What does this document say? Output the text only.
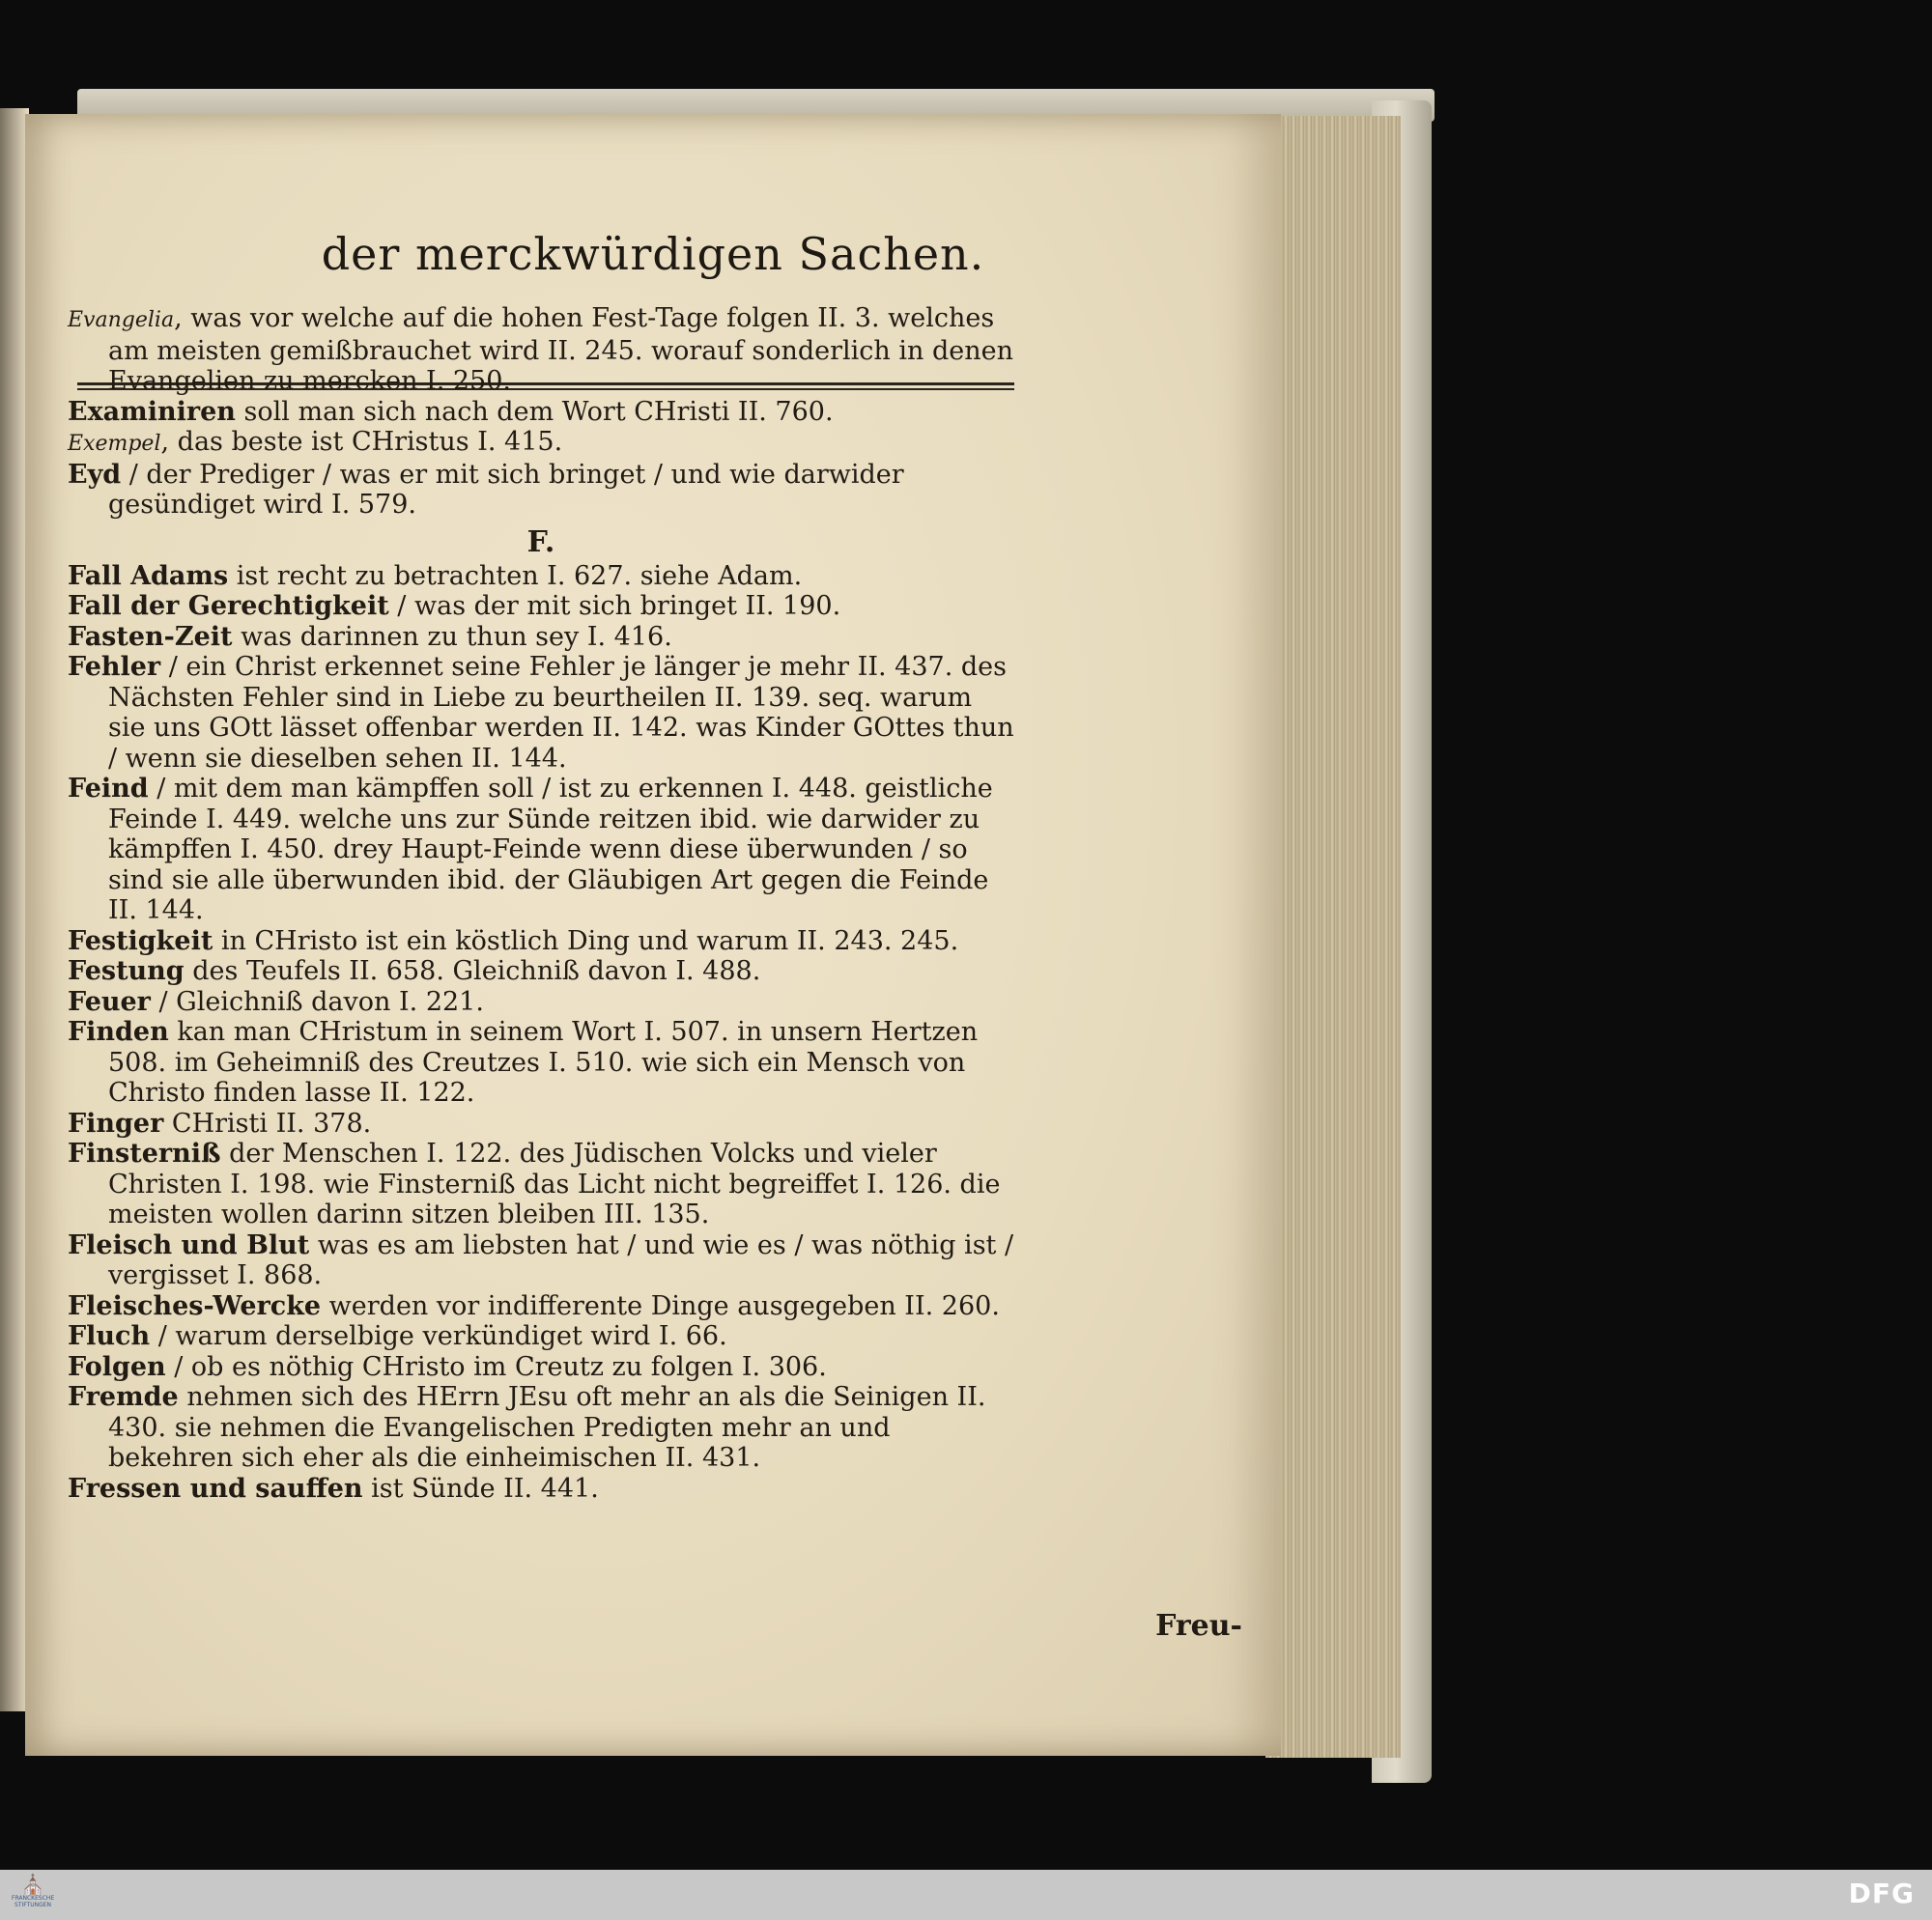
der merckwürdigen Sachen.
Evangelia, was vor welche auf die hohen Fest-Tage folgen II. 3. welches am meisten gemißbrauchet wird II. 245. worauf sonderlich in denen Evangelien zu mercken I. 250.
Examiniren soll man sich nach dem Wort CHristi II. 760.
Exempel, das beste ist CHristus I. 415.
Eyd / der Prediger / was er mit sich bringet / und wie darwider gesündiget wird I. 579.
F.
Fall Adams ist recht zu betrachten I. 627. siehe Adam.
Fall der Gerechtigkeit / was der mit sich bringet II. 190.
Fasten-Zeit was darinnen zu thun sey I. 416.
Fehler / ein Christ erkennet seine Fehler je länger je mehr II. 437. des Nächsten Fehler sind in Liebe zu beurtheilen II. 139. seq. warum sie uns GOtt lässet offenbar werden II. 142. was Kinder GOttes thun / wenn sie dieselben sehen II. 144.
Feind / mit dem man kämpffen soll / ist zu erkennen I. 448. geistliche Feinde I. 449. welche uns zur Sünde reitzen ibid. wie darwider zu kämpffen I. 450. drey Haupt-Feinde wenn diese überwunden / so sind sie alle überwunden ibid. der Gläubigen Art gegen die Feinde II. 144.
Festigkeit in CHristo ist ein köstlich Ding und warum II. 243. 245.
Festung des Teufels II. 658. Gleichniß davon I. 488.
Feuer / Gleichniß davon I. 221.
Finden kan man CHristum in seinem Wort I. 507. in unsern Hertzen 508. im Geheimniß des Creutzes I. 510. wie sich ein Mensch von Christo finden lasse II. 122.
Finger CHristi II. 378.
Finsterniß der Menschen I. 122. des Jüdischen Volcks und vieler Christen I. 198. wie Finsterniß das Licht nicht begreiffet I. 126. die meisten wollen darinn sitzen bleiben III. 135.
Fleisch und Blut was es am liebsten hat / und wie es / was nöthig ist / vergisset I. 868.
Fleisches-Wercke werden vor indifferente Dinge ausgegeben II. 260.
Fluch / warum derselbige verkündiget wird I. 66.
Folgen / ob es nöthig CHristo im Creutz zu folgen I. 306.
Fremde nehmen sich des HErrn JEsu oft mehr an als die Seinigen II. 430. sie nehmen die Evangelischen Predigten mehr an und bekehren sich eher als die einheimischen II. 431.
Fressen und sauffen ist Sünde II. 441.
Freu-
⛪
FRANCKESCHE STIFTUNGEN	DFG
